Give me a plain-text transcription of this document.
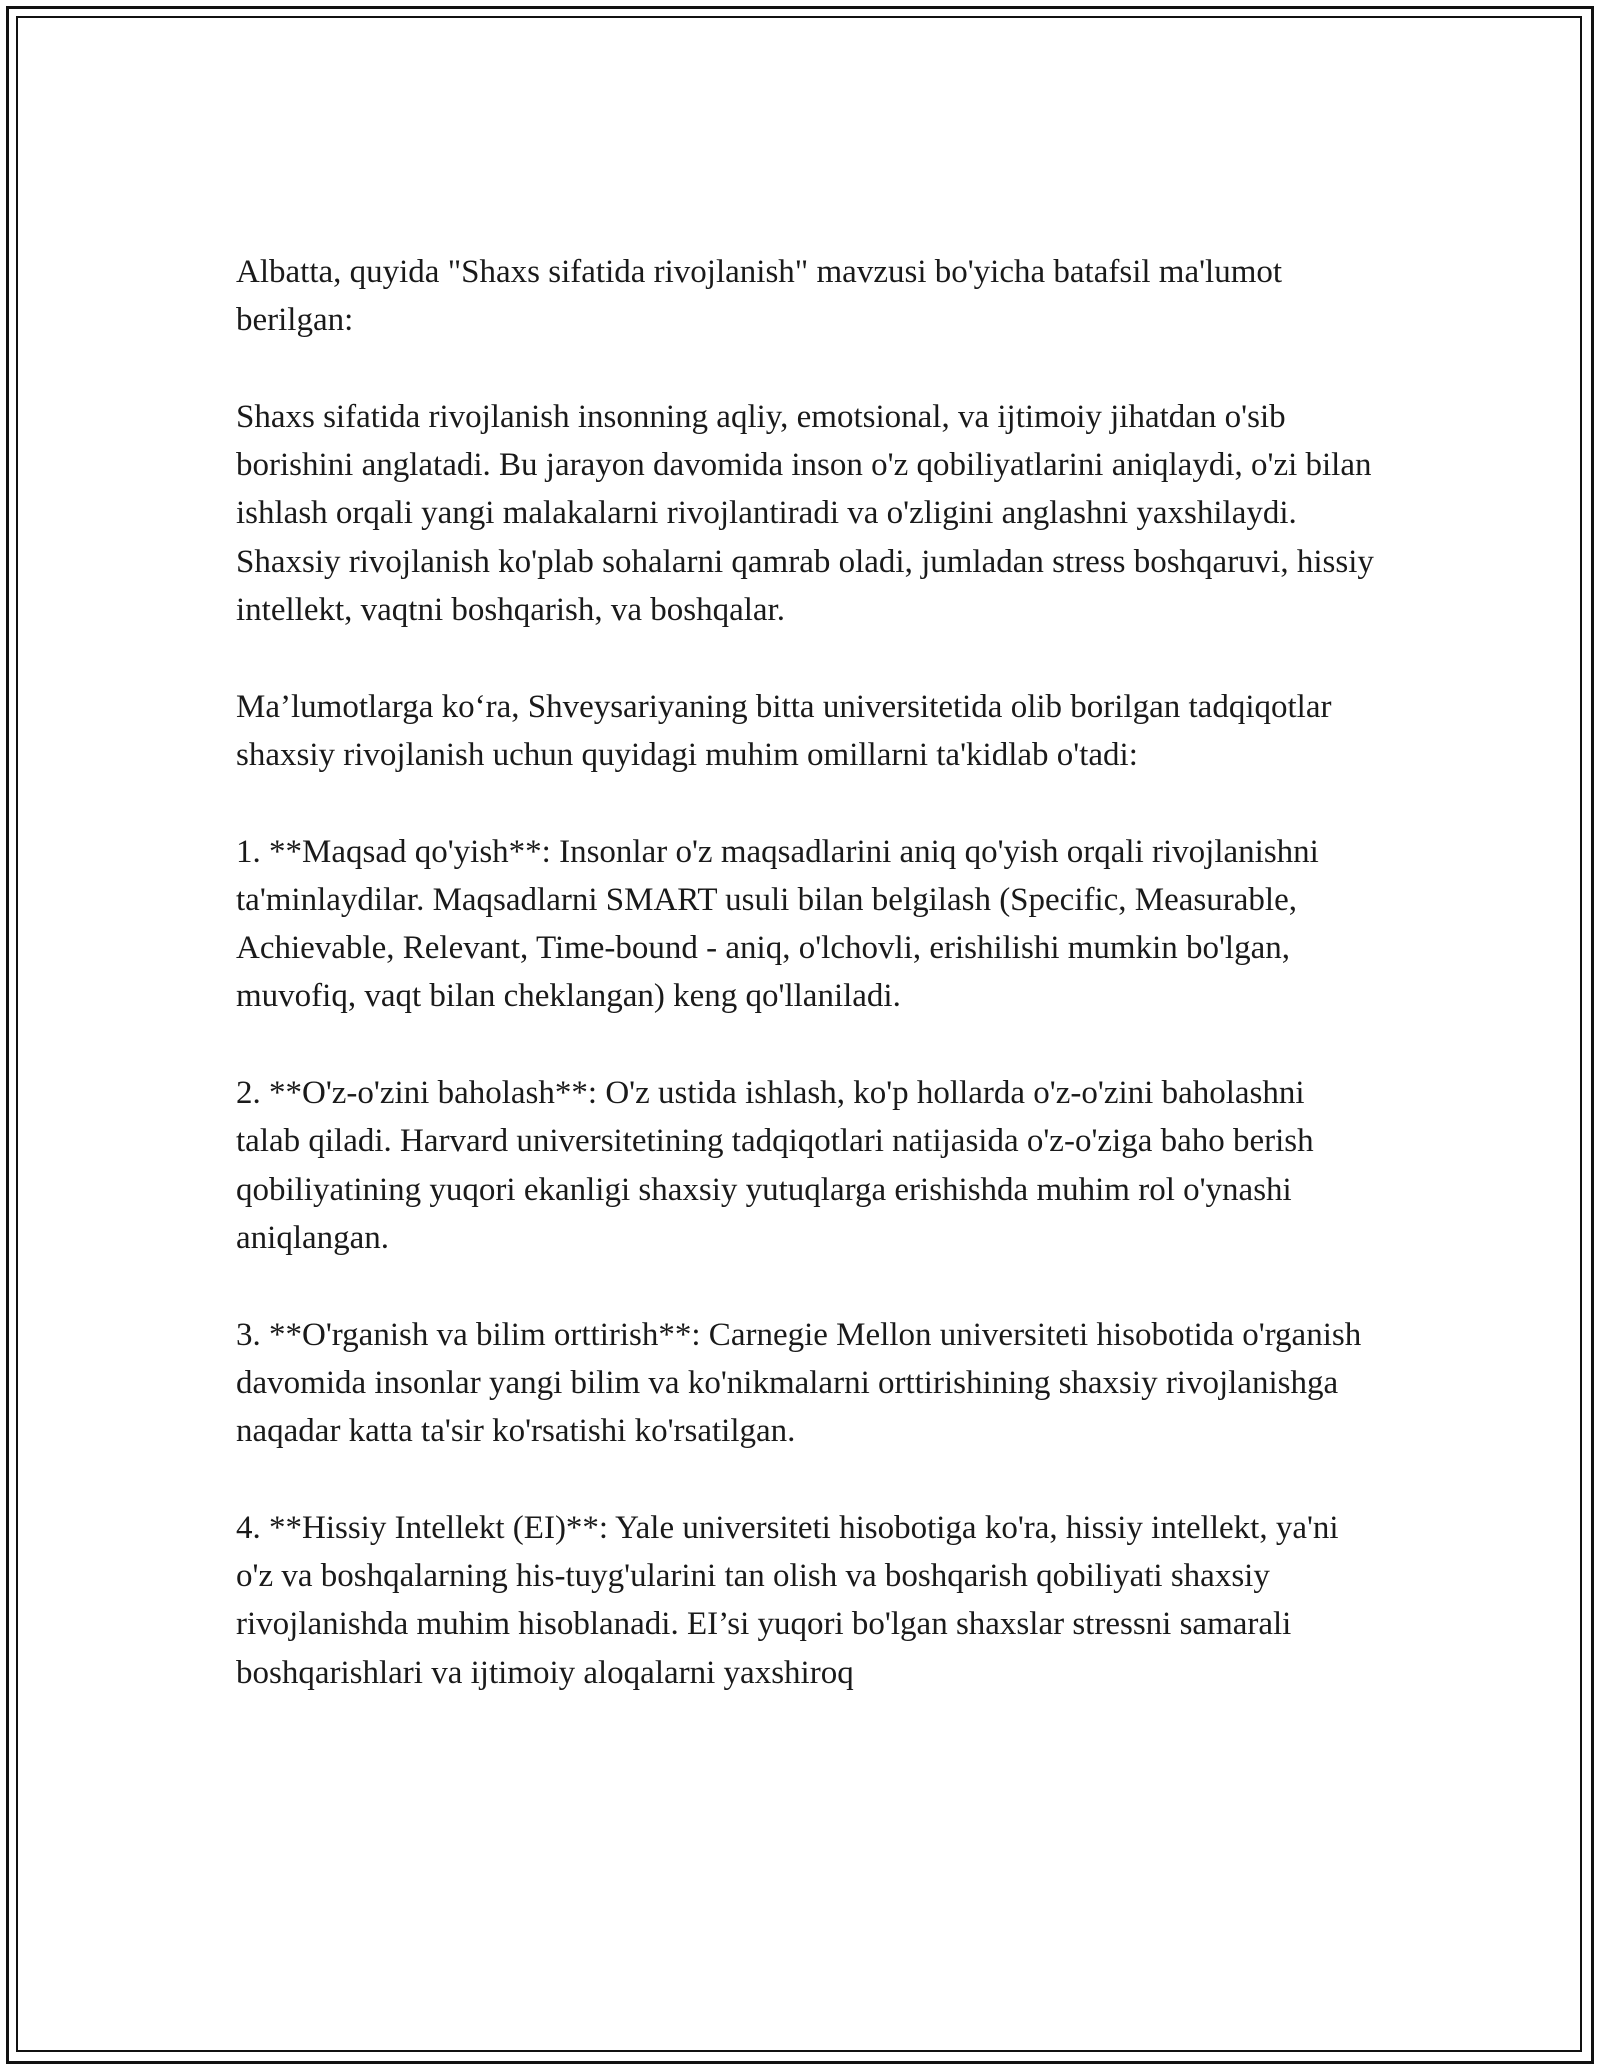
Albatta, quyida "Shaxs sifatida rivojlanish" mavzusi bo'yicha batafsil ma'lumot berilgan:

Shaxs sifatida rivojlanish insonning aqliy, emotsional, va ijtimoiy jihatdan o'sib borishini anglatadi. Bu jarayon davomida inson o'z qobiliyatlarini aniqlaydi, o'zi bilan ishlash orqali yangi malakalarni rivojlantiradi va o'zligini anglashni yaxshilaydi. Shaxsiy rivojlanish ko'plab sohalarni qamrab oladi, jumladan stress boshqaruvi, hissiy intellekt, vaqtni boshqarish, va boshqalar.

Ma’lumotlarga ko‘ra, Shveysariyaning bitta universitetida olib borilgan tadqiqotlar shaxsiy rivojlanish uchun quyidagi muhim omillarni ta'kidlab o'tadi:

1. **Maqsad qo'yish**: Insonlar o'z maqsadlarini aniq qo'yish orqali rivojlanishni ta'minlaydilar. Maqsadlarni SMART usuli bilan belgilash (Specific, Measurable, Achievable, Relevant, Time-bound - aniq, o'lchovli, erishilishi mumkin bo'lgan, muvofiq, vaqt bilan cheklangan) keng qo'llaniladi.

2. **O'z-o'zini baholash**: O'z ustida ishlash, ko'p hollarda o'z-o'zini baholashni talab qiladi. Harvard universitetining tadqiqotlari natijasida o'z-o'ziga baho berish qobiliyatining yuqori ekanligi shaxsiy yutuqlarga erishishda muhim rol o'ynashi aniqlangan.

3. **O'rganish va bilim orttirish**: Carnegie Mellon universiteti hisobotida o'rganish davomida insonlar yangi bilim va ko'nikmalarni orttirishining shaxsiy rivojlanishga naqadar katta ta'sir ko'rsatishi ko'rsatilgan.

4. **Hissiy Intellekt (EI)**: Yale universiteti hisobotiga ko'ra, hissiy intellekt, ya'ni o'z va boshqalarning his-tuyg'ularini tan olish va boshqarish qobiliyati shaxsiy rivojlanishda muhim hisoblanadi. EI’si yuqori bo'lgan shaxslar stressni samarali boshqarishlari va ijtimoiy aloqalarni yaxshiroq
